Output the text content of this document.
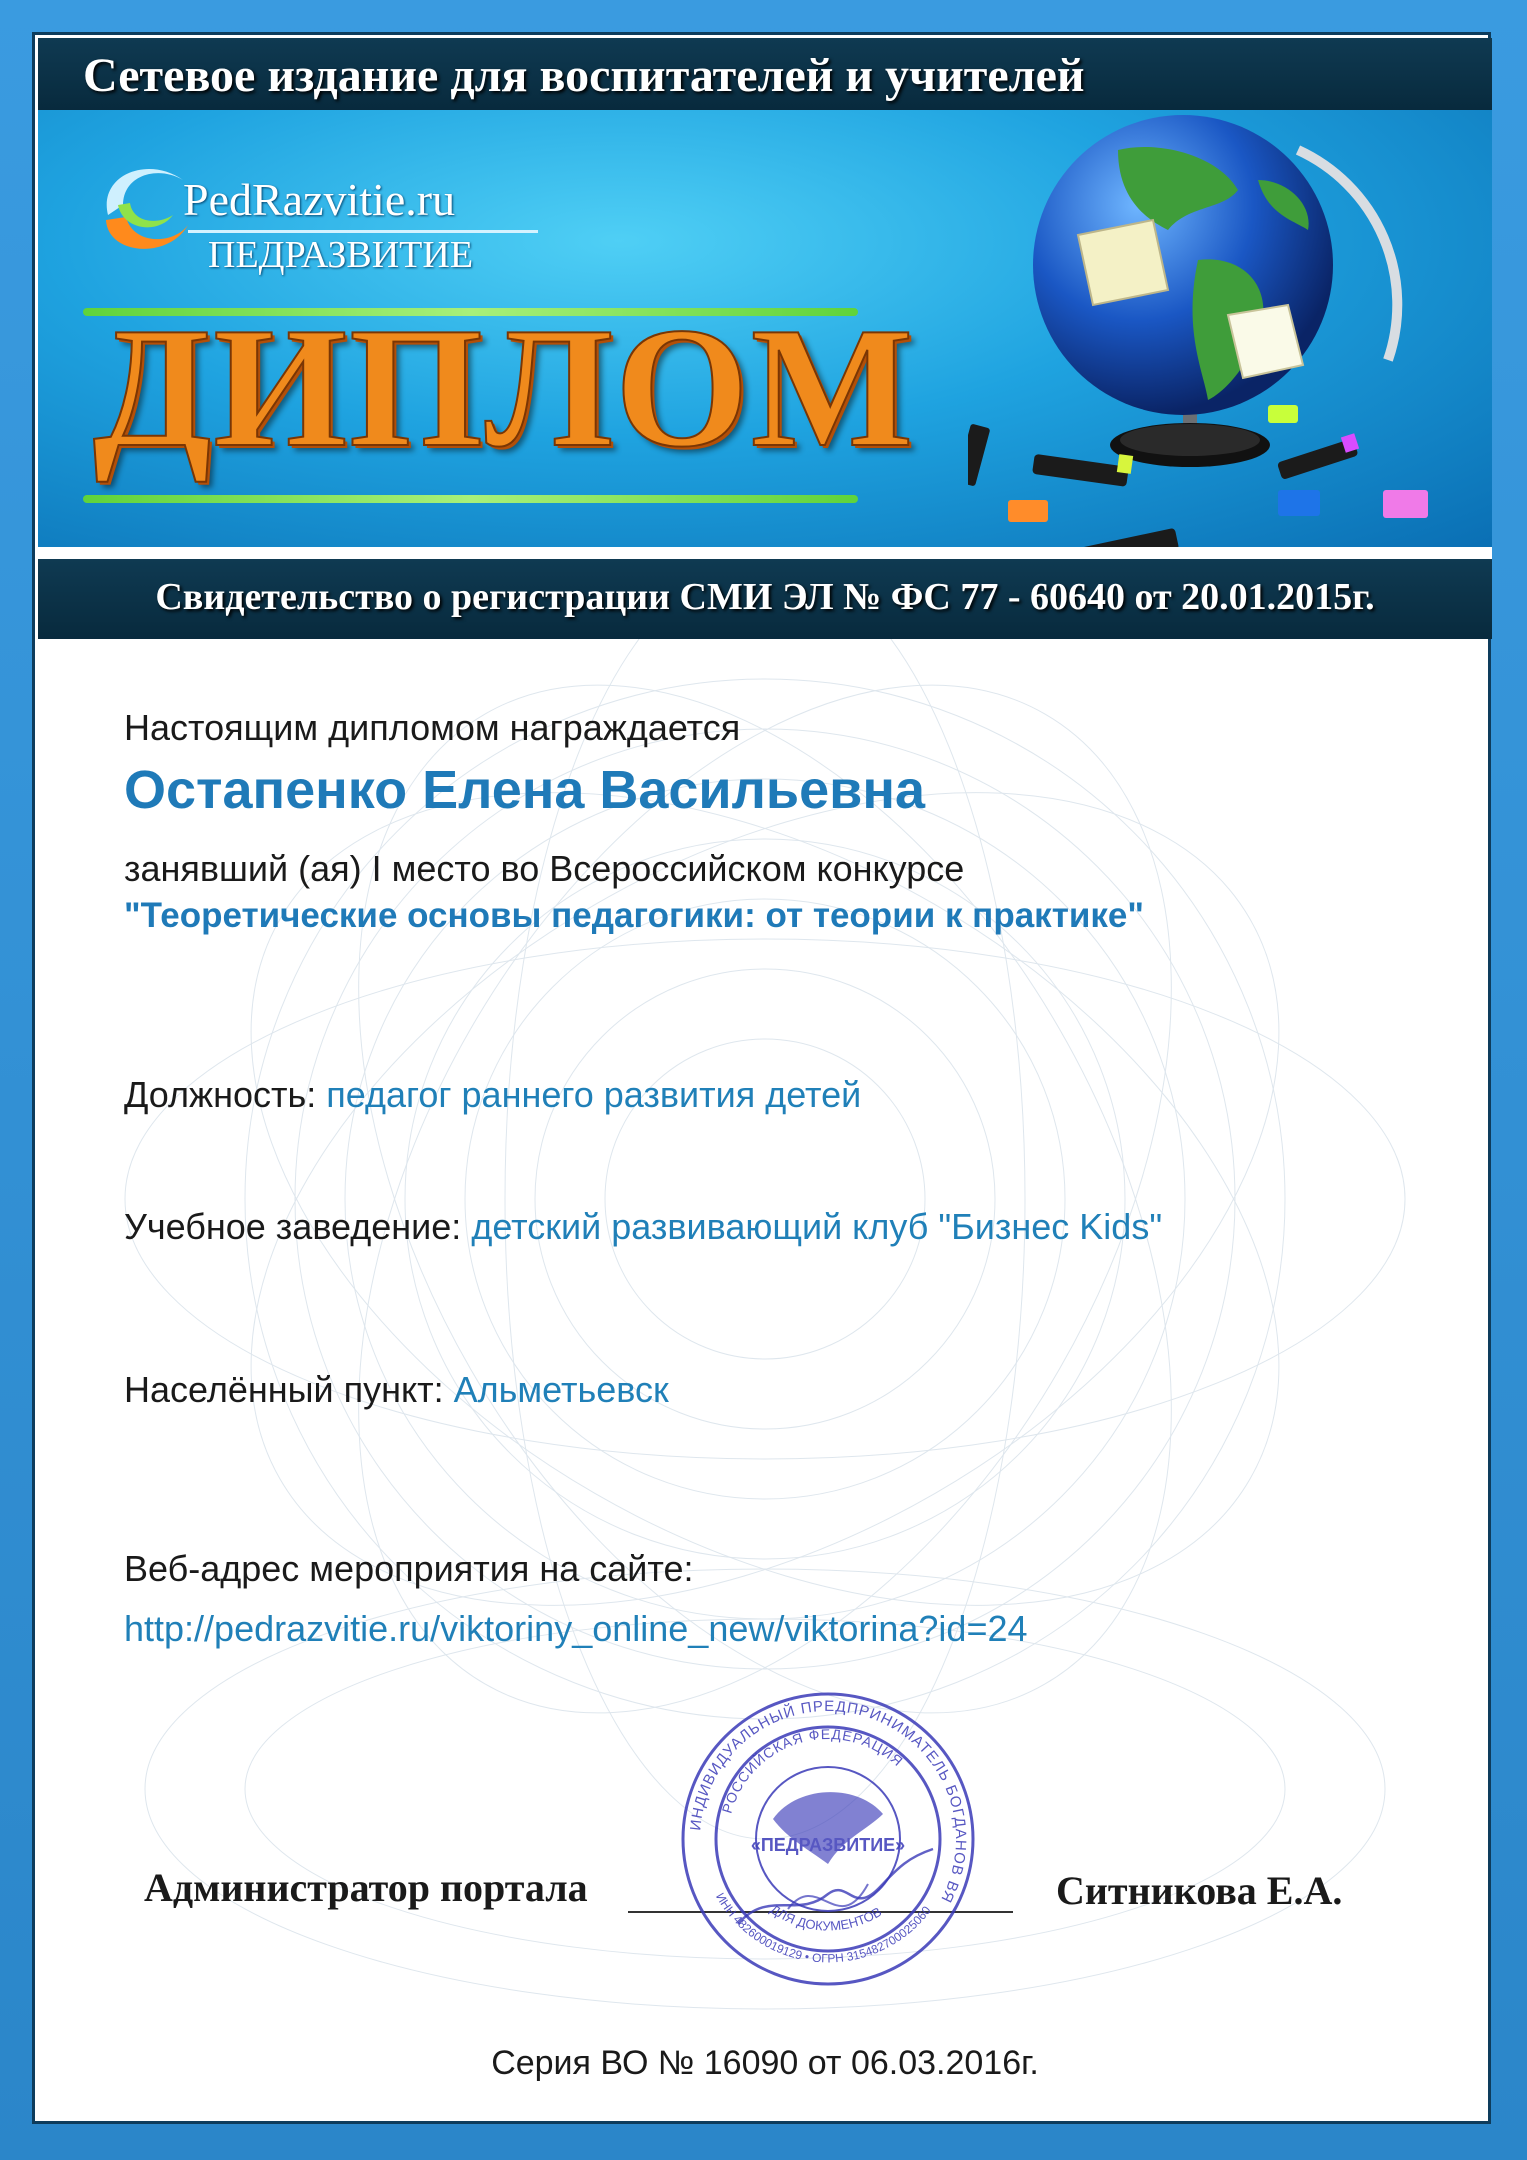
Сетевое издание для воспитателей и учителей
PedRazvitie.ru
ПЕДРАЗВИТИЕ
ДИПЛОМ
Свидетельство о регистрации СМИ ЭЛ № ФС 77 - 60640 от 20.01.2015г.
Настоящим дипломом награждается
Остапенко Елена Васильевна
занявший (ая) I место во Всероссийском конкурсе
"Теоретические основы педагогики: от теории к практике"
Должность: педагог раннего развития детей
Учебное заведение: детский развивающий клуб "Бизнес Kids"
Населённый пункт: Альметьевск
Веб-адрес мероприятия на сайте:
http://pedrazvitie.ru/viktoriny_online_new/viktorina?id=24
Администратор портала	Ситникова Е.А.
ИНДИВИДУАЛЬНЫЙ ПРЕДПРИНИМАТЕЛЬ БОГДАНОВ ВЯ
РОССИЙСКАЯ ФЕДЕРАЦИЯ
ДЛЯ ДОКУМЕНТОВ
ИНН 482600019129 • ОГРН 315482700025060
«ПЕДРАЗВИТИЕ»
Серия ВО № 16090 от 06.03.2016г.
